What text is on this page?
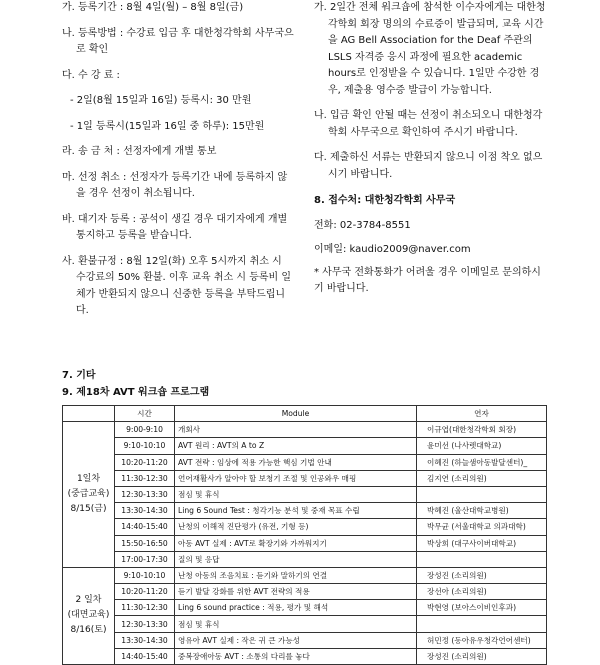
가. 등록기간 : 8월 4일(월) – 8월 8일(금)
나. 등록방법 : 수강료 입금 후 대한청각학회 사무국으로 확인
다. 수 강 료 :
- 2일(8월 15일과 16일) 등록시: 30 만원
- 1일 등록시(15일과 16일 중 하루): 15만원
라. 송 금 처 : 선정자에게 개별 통보
마. 선정 취소 : 선정자가 등록기간 내에 등록하지 않을 경우 선정이 취소됩니다.
바. 대기자 등록 : 공석이 생길 경우 대기자에게 개별 통지하고 등록을 받습니다.
사. 환불규정 : 8월 12일(화) 오후 5시까지 취소 시 수강료의 50% 환불. 이후 교육 취소 시 등록비 일체가 반환되지 않으니 신중한 등록을 부탁드립니다.
가. 2일간 전체 워크숍에 참석한 이수자에게는 대한청각학회 회장 명의의 수료증이 발급되며, 교육 시간을 AG Bell Association for the Deaf 주관의 LSLS 자격증 응시 과정에 필요한 academic hours로 인정받을 수 있습니다. 1일만 수강한 경우, 제출용 영수증 발급이 가능합니다.
나. 입금 확인 안될 때는 선정이 취소되오니 대한청각학회 사무국으로 확인하여 주시기 바랍니다.
다. 제출하신 서류는 반환되지 않으니 이점 착오 없으시기 바랍니다.
8. 접수처: 대한청각학회 사무국
전화: 02-3784-8551
이메일: kaudio2009@naver.com
* 사무국 전화통화가 어려울 경우 이메일로 문의하시기 바랍니다.
7. 기타
9. 제18차 AVT 워크숍 프로그램
	시간	Module	연자
1일차
(중급교육)
8/15(금)	9:00-9:10	개회사	이규엽(대한청각학회 회장)
	9:10-10:10	AVT 원리 : AVT의 A to Z	윤미선 (나사렛대학교)
	10:20-11:20	AVT 전략 : 임상에 적용 가능한 핵심 기법 안내	이혜진 (하늘샘아동발달센터)_
	11:30-12:30	언어재활사가 알아야 할 보청기 조절 및 인공와우 매핑	김지연 (소리의원)
	12:30-13:30	점심 및 휴식	
	13:30-14:30	Ling 6 Sound Test : 청각기능 분석 및 중재 목표 수립	박혜진 (울산대학교병원)
	14:40-15:40	난청의 이해적 진단평가 (유전, 기형 등)	박무균 (서울대학교 의과대학)
	15:50-16:50	아동 AVT 실제 : AVT로 확장기와 가까워지기	박상희 (대구사이버대학교)
	17:00-17:30	질의 및 응답	
2 일차
(대면교육)
8/16(토)	9:10-10:10	난청 아동의 조음치료 : 듣기와 말하기의 연결	장성진 (소리의원)
	10:20-11:20	듣기 발달 강화를 위한 AVT 전략의 적용	장선아 (소리의원)
	11:30-12:30	Ling 6 sound practice : 적용, 평가 및 해석	박현영 (보아스이비인후과)
	12:30-13:30	점심 및 휴식	
	13:30-14:30	영유아 AVT 실제 : 작은 귀 큰 가능성	허민정 (동아유우청각언어센터)
	14:40-15:40	중복장애아동 AVT : 소통의 다리를 놓다	장성진 (소리의원)
